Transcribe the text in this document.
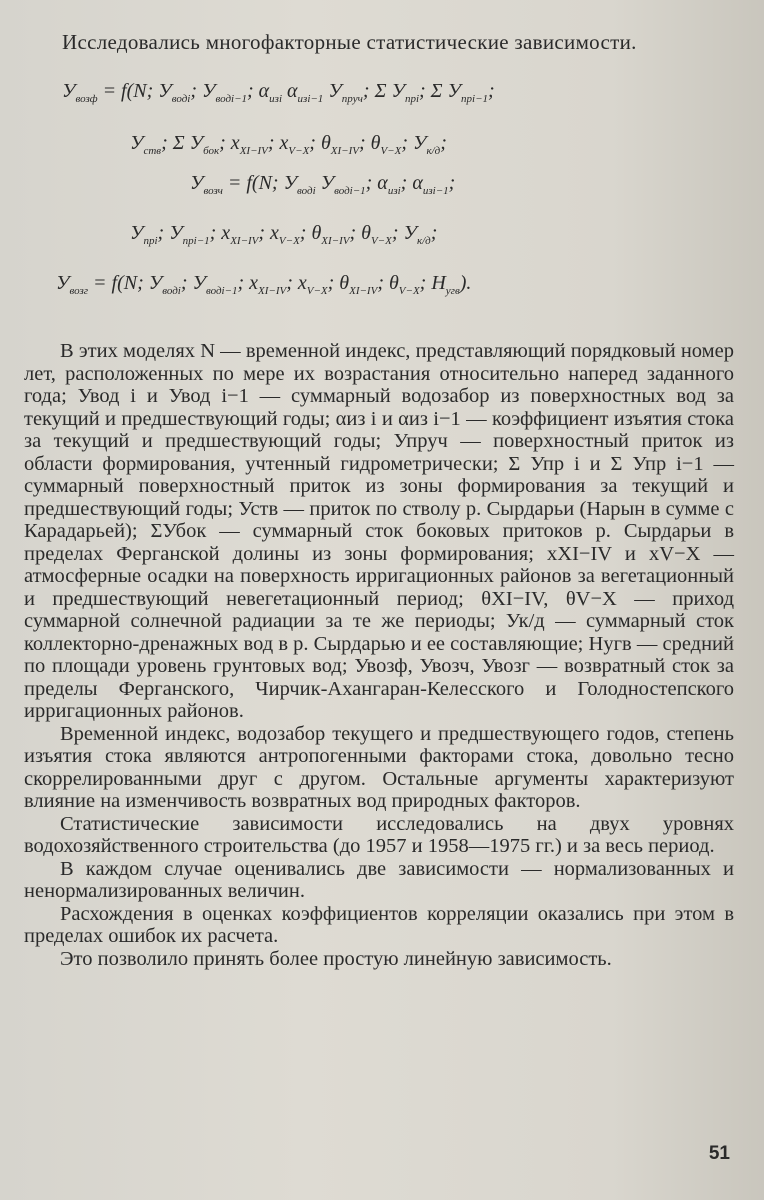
Исследовались многофакторные статистические зависимости.
$У_{возф} = f(N$; $У_{водi}$; $У_{водi-1}$; $\alpha_{изi}$ $\alpha_{изi-1}$ $У_{прyч}$; Σ $У_{прi}$; Σ $У_{прi-1}$;
$У_{ств}$; Σ $У_{бок}$; $x_{XI-IV}$; $x_{V-X}$; $\theta_{XI-IV}$; $\theta_{V-X}$; $У_{к/д}$;
$У_{возч} = f(N$; $У_{водi}$ $У_{водi-1}$; $\alpha_{изi}$; $\alpha_{изi-1}$;
$У_{прi}$; $У_{прi-1}$; $x_{XI-IV}$; $x_{V-X}$; $\theta_{XI-IV}$; $\theta_{V-X}$; $У_{к/д}$;
$У_{возг} = f(N$; $У_{водi}$; $У_{водi-1}$; $x_{XI-IV}$; $x_{V-X}$; $\theta_{XI-IV}$; $\theta_{V-X}$; $H_{угв}$).

В этих моделях N — временной индекс, представляющий порядковый номер лет, расположенных по мере их возрастания относительно наперед заданного года; Увод i и Увод i−1 — суммарный водозабор из поверхностных вод за текущий и предшествующий годы; αиз i и αиз i−1 — коэффициент изъятия стока за текущий и предшествующий годы; Упруч — поверхностный приток из области формирования, учтенный гидрометрически; Σ Упр i и Σ Упр i−1 — суммарный поверхностный приток из зоны формирования за текущий и предшествующий годы; Уств — приток по стволу р. Сырдарьи (Нарын в сумме с Карадарьей); ΣУбок — суммарный сток боковых притоков р. Сырдарьи в пределах Ферганской долины из зоны формирования; xXI−IV и xV−X — атмосферные осадки на поверхность ирригационных районов за вегетационный и предшествующий невегетационный период; θXI−IV, θV−X — приход суммарной солнечной радиации за те же периоды; Ук/д — суммарный сток коллекторно-дренажных вод в р. Сырдарью и ее составляющие; Hугв — средний по площади уровень грунтовых вод; Увозф, Увозч, Увозг — возвратный сток за пределы Ферганского, Чирчик-Ахангаран-Келесского и Голодностепского ирригационных районов.

Временной индекс, водозабор текущего и предшествующего годов, степень изъятия стока являются антропогенными факторами стока, довольно тесно скоррелированными друг с другом. Остальные аргументы характеризуют влияние на изменчивость возвратных вод природных факторов.

Статистические зависимости исследовались на двух уровнях водохозяйственного строительства (до 1957 и 1958—1975 гг.) и за весь период.

В каждом случае оценивались две зависимости — нормализованных и ненормализированных величин.

Расхождения в оценках коэффициентов корреляции оказались при этом в пределах ошибок их расчета.

Это позволило принять более простую линейную зависимость.

51
